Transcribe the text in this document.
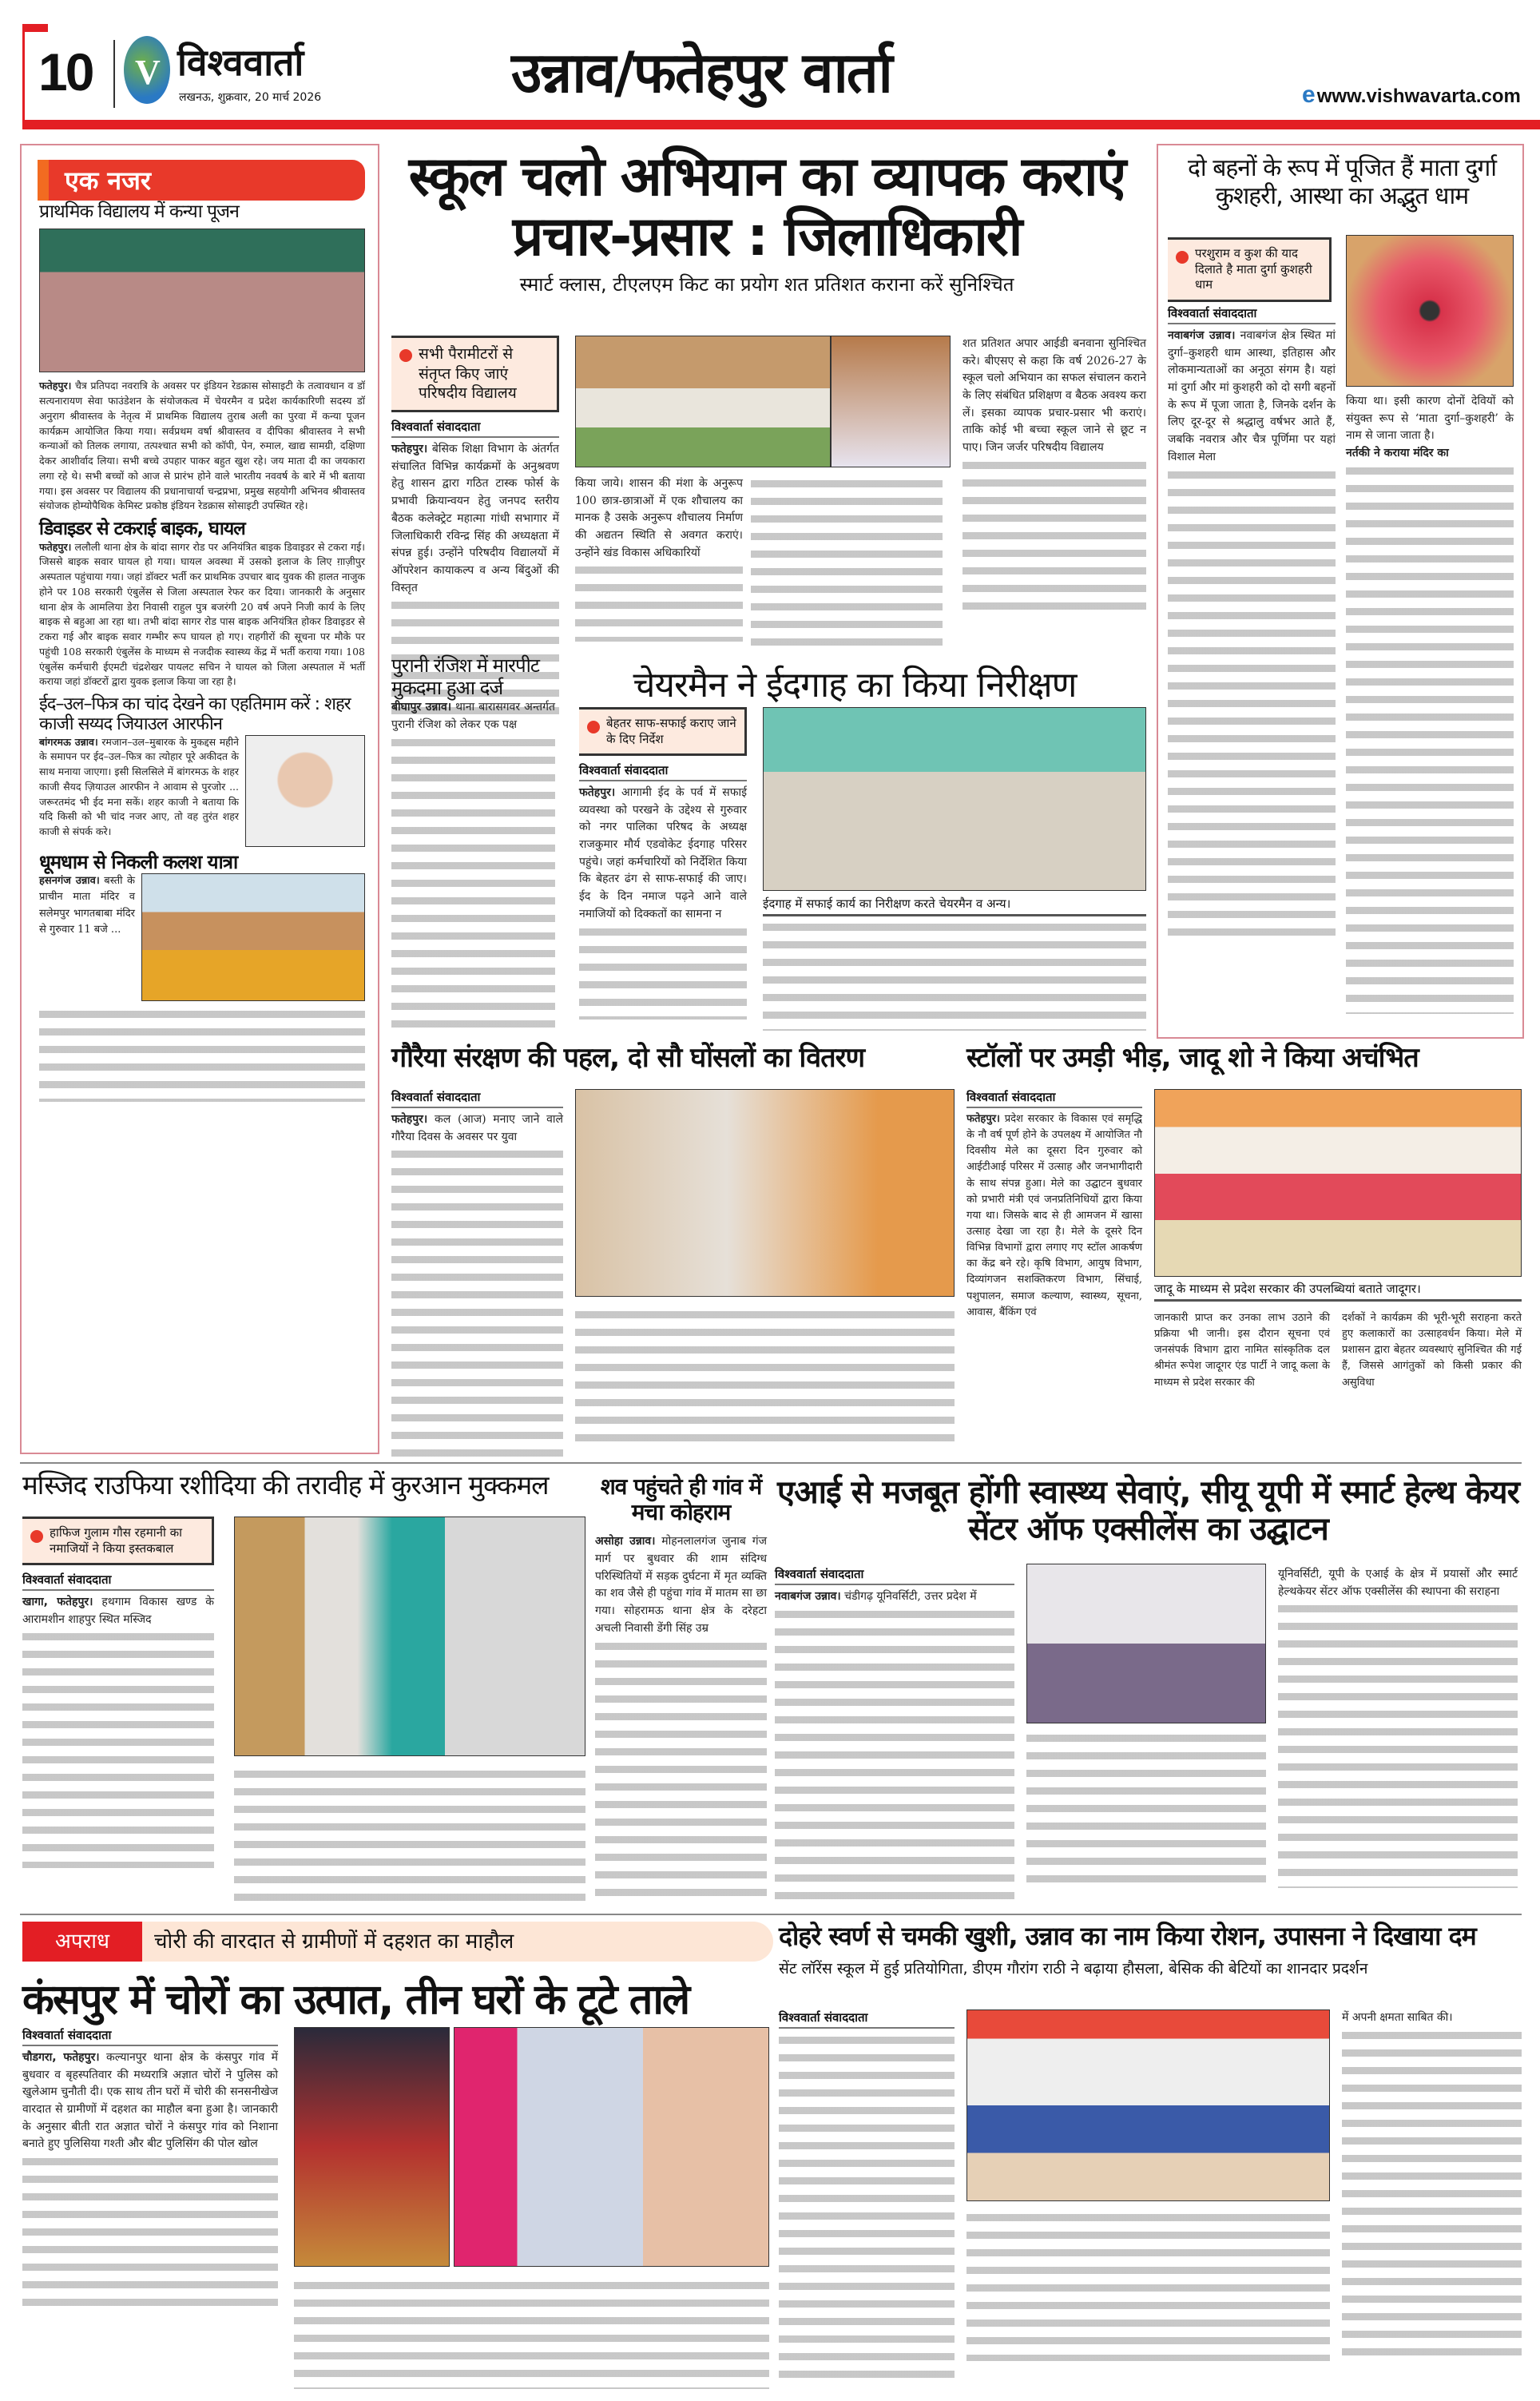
10 V विश्ववार्ता
लखनऊ, शुक्रवार, 20 मार्च 2026	उन्नाव/फतेहपुर वार्ता	ewww.vishwavarta.com
एक नजर
प्राथमिक विद्यालय में कन्या पूजन

फतेहपुर। चैत्र प्रतिपदा नवरात्रि के अवसर पर इंडियन रेडक्रास सोसाइटी के तत्वावधान व डॉ सत्यनारायण सेवा फाउंडेशन के संयोजकत्व में चेयरमैन व प्रदेश कार्यकारिणी सदस्य डॉ अनुराग श्रीवास्तव के नेतृत्व में प्राथमिक विद्यालय तुराब अली का पुरवा में कन्या पूजन कार्यक्रम आयोजित किया गया। सर्वप्रथम वर्षा श्रीवास्तव व दीपिका श्रीवास्तव ने सभी कन्याओं को तिलक लगाया, तत्पश्चात सभी को कॉपी, पेन, रुमाल, खाद्य सामग्री, दक्षिणा देकर आशीर्वाद लिया। सभी बच्चे उपहार पाकर बहुत खुश रहे। जय माता दी का जयकारा लगा रहे थे। सभी बच्चों को आज से प्रारंभ होने वाले भारतीय नववर्ष के बारे में भी बताया गया। इस अवसर पर विद्यालय की प्रधानाचार्या चन्द्रप्रभा, प्रमुख सहयोगी अभिनव श्रीवास्तव संयोजक होम्योपैथिक केमिस्ट प्रकोष्ठ इंडियन रेडक्रास सोसाइटी उपस्थित रहे।

डिवाइडर से टकराई बाइक, घायल

फतेहपुर। ललौली थाना क्षेत्र के बांदा सागर रोड पर अनियंत्रित बाइक डिवाइडर से टकरा गई। जिससे बाइक सवार घायल हो गया। घायल अवस्था में उसको इलाज के लिए ग़ाज़ीपुर अस्पताल पहुंचाया गया। जहां डॉक्टर भर्ती कर प्राथमिक उपचार बाद युवक की हालत नाजुक होने पर 108 सरकारी एंबुलेंस से जिला अस्पताल रेफर कर दिया। जानकारी के अनुसार थाना क्षेत्र के आमलिया डेरा निवासी राहुल पुत्र बजरंगी 20 वर्ष अपने निजी कार्य के लिए बाइक से बहुआ आ रहा था। तभी बांदा सागर रोड पास बाइक अनियंत्रित होकर डिवाइडर से टकरा गई और बाइक सवार गम्भीर रूप घायल हो गए। राहगीरों की सूचना पर मौके पर पहुंची 108 सरकारी एंबुलेंस के माध्यम से नजदीक स्वास्थ्य केंद्र में भर्ती कराया गया। 108 एंबुलेंस कर्मचारी ईएमटी चंद्रशेखर पायलट सचिन ने घायल को जिला अस्पताल में भर्ती कराया जहां डॉक्टरों द्वारा युवक इलाज किया जा रहा है।

ईद–उल–फित्र का चांद देखने का एहतिमाम करें : शहर काजी सय्यद जियाउल आरफीन

बांगरमऊ उन्नाव। रमजान–उल–मुबारक के मुकद्दस महीने के समापन पर ईद–उल–फित्र का त्योहार पूरे अकीदत के साथ मनाया जाएगा। इसी सिलसिले में बांगरमऊ के शहर काजी सैयद ज़ियाउल आरफीन ने आवाम से पुरजोर ... जरूरतमंद भी ईद मना सकें। शहर काजी ने बताया कि यदि किसी को भी चांद नजर आए, तो वह तुरंत शहर काजी से संपर्क करे।

धूमधाम से निकली कलश यात्रा

हसनगंज उन्नाव। बस्ती के प्राचीन माता मंदिर व सलेमपुर भागतबाबा मंदिर से गुरुवार 11 बजे ...

स्कूल चलो अभियान का व्यापक कराएं प्रचार-प्रसार : जिलाधिकारी
स्मार्ट क्लास, टीएलएम किट का प्रयोग शत प्रतिशत कराना करें सुनिश्चित
सभी पैरामीटरों से संतृप्त किए जाएं परिषदीय विद्यालय
विश्ववार्ता संवाददाता

फतेहपुर। बेसिक शिक्षा विभाग के अंतर्गत संचालित विभिन्न कार्यक्रमों के अनुश्रवण हेतु शासन द्वारा गठित टास्क फोर्स के प्रभावी क्रियान्वयन हेतु जनपद स्तरीय बैठक कलेक्ट्रेट महात्मा गांधी सभागार में जिलाधिकारी रविन्द्र सिंह की अध्यक्षता में संपन्न हुई। उन्होंने परिषदीय विद्यालयों में ऑपरेशन कायाकल्प व अन्य बिंदुओं की विस्तृत

किया जाये। शासन की मंशा के अनुरूप 100 छात्र-छात्राओं में एक शौचालय का मानक है उसके अनुरूप शौचालय निर्माण की अद्यतन स्थिति से अवगत कराएं। उन्होंने खंड विकास अधिकारियों

शत प्रतिशत अपार आईडी बनवाना सुनिश्चित करे। बीएसए से कहा कि वर्ष 2026-27 के स्कूल चलो अभियान का सफल संचालन कराने के लिए संबंधित प्रशिक्षण व बैठक अवश्य करा लें। इसका व्यापक प्रचार-प्रसार भी कराएं। ताकि कोई भी बच्चा स्कूल जाने से छूट न पाए। जिन जर्जर परिषदीय विद्यालय

दो बहनों के रूप में पूजित हैं माता दुर्गा कुशहरी, आस्था का अद्भुत धाम
परशुराम व कुश की याद दिलाते है माता दुर्गा कुशहरी धाम
विश्ववार्ता संवाददाता

नवाबगंज उन्नाव। नवाबगंज क्षेत्र स्थित मां दुर्गा–कुशहरी धाम आस्था, इतिहास और लोकमान्यताओं का अनूठा संगम है। यहां मां दुर्गा और मां कुशहरी को दो सगी बहनों के रूप में पूजा जाता है, जिनके दर्शन के लिए दूर-दूर से श्रद्धालु वर्षभर आते हैं, जबकि नवरात्र और चैत्र पूर्णिमा पर यहां विशाल मेला

किया था। इसी कारण दोनों देवियों को संयुक्त रूप से ‘माता दुर्गा–कुशहरी’ के नाम से जाना जाता है।

नर्तकी ने कराया मंदिर का

पुरानी रंजिश में मारपीट मुकदमा हुआ दर्ज

बीघापुर उन्नाव। थाना बारासगवर अन्तर्गत पुरानी रंजिश को लेकर एक पक्ष

चेयरमैन ने ईदगाह का किया निरीक्षण
बेहतर साफ-सफाई कराए जाने के दिए निर्देश
विश्ववार्ता संवाददाता

फतेहपुर। आगामी ईद के पर्व में सफाई व्यवस्था को परखने के उद्देश्य से गुरुवार को नगर पालिका परिषद के अध्यक्ष राजकुमार मौर्य एडवोकेट ईदगाह परिसर पहुंचे। जहां कर्मचारियों को निर्देशित किया कि बेहतर ढंग से साफ-सफाई की जाए। ईद के दिन नमाज पढ़ने आने वाले नमाजियों को दिक्कतों का सामना न

ईदगाह में सफाई कार्य का निरीक्षण करते चेयरमैन व अन्य।
गौरैया संरक्षण की पहल, दो सौ घोंसलों का वितरण
विश्ववार्ता संवाददाता

फतेहपुर। कल (आज) मनाए जाने वाले गौरैया दिवस के अवसर पर युवा

स्टॉलों पर उमड़ी भीड़, जादू शो ने किया अचंभित
विश्ववार्ता संवाददाता

फतेहपुर। प्रदेश सरकार के विकास एवं समृद्धि के नौ वर्ष पूर्ण होने के उपलक्ष्य में आयोजित नौ दिवसीय मेले का दूसरा दिन गुरुवार को आईटीआई परिसर में उत्साह और जनभागीदारी के साथ संपन्न हुआ। मेले का उद्घाटन बुधवार को प्रभारी मंत्री एवं जनप्रतिनिधियों द्वारा किया गया था। जिसके बाद से ही आमजन में खासा उत्साह देखा जा रहा है। मेले के दूसरे दिन विभिन्न विभागों द्वारा लगाए गए स्टॉल आकर्षण का केंद्र बने रहे। कृषि विभाग, आयुष विभाग, दिव्यांगजन सशक्तिकरण विभाग, सिंचाई, पशुपालन, समाज कल्याण, स्वास्थ्य, सूचना, आवास, बैंकिंग एवं

जादू के माध्यम से प्रदेश सरकार की उपलब्धियां बताते जादूगर।

जानकारी प्राप्त कर उनका लाभ उठाने की प्रक्रिया भी जानी। इस दौरान सूचना एवं जनसंपर्क विभाग द्वारा नामित सांस्कृतिक दल श्रीमंत रूपेश जादूगर एंड पार्टी ने जादू कला के माध्यम से प्रदेश सरकार की

दर्शकों ने कार्यक्रम की भूरी-भूरी सराहना करते हुए कलाकारों का उत्साहवर्धन किया। मेले में प्रशासन द्वारा बेहतर व्यवस्थाएं सुनिश्चित की गई हैं, जिससे आगंतुकों को किसी प्रकार की असुविधा

मस्जिद राउफिया रशीदिया की तरावीह में कुरआन मुक्कमल
हाफिज गुलाम गौस रहमानी का नमाजियों ने किया इस्तकबाल
विश्ववार्ता संवाददाता

खागा, फतेहपुर। हथगाम विकास खण्ड के आरामशीन शाहपुर स्थित मस्जिद

शव पहुंचते ही गांव में मचा कोहराम

असोहा उन्नाव। मोहनलालगंज जुनाब गंज मार्ग पर बुधवार की शाम संदिग्ध परिस्थितियों में सड़क दुर्घटना में मृत व्यक्ति का शव जैसे ही पहुंचा गांव में मातम सा छा गया। सोहरामऊ थाना क्षेत्र के दरेहटा अचली निवासी डेंगी सिंह उम्र

एआई से मजबूत होंगी स्वास्थ्य सेवाएं, सीयू यूपी में स्मार्ट हेल्थ केयर सेंटर ऑफ एक्सीलेंस का उद्घाटन
विश्ववार्ता संवाददाता

नवाबगंज उन्नाव। चंडीगढ़ यूनिवर्सिटी, उत्तर प्रदेश में

यूनिवर्सिटी, यूपी के एआई के क्षेत्र में प्रयासों और स्मार्ट हेल्थकेयर सेंटर ऑफ एक्सीलेंस की स्थापना की सराहना

अपराध	चोरी की वारदात से ग्रामीणों में दहशत का माहौल
कंसपुर में चोरों का उत्पात, तीन घरों के टूटे ताले
विश्ववार्ता संवाददाता

चौडगरा, फतेहपुर। कल्यानपुर थाना क्षेत्र के कंसपुर गांव में बुधवार व बृहस्पतिवार की मध्यरात्रि अज्ञात चोरों ने पुलिस को खुलेआम चुनौती दी। एक साथ तीन घरों में चोरी की सनसनीखेज वारदात से ग्रामीणों में दहशत का माहौल बना हुआ है। जानकारी के अनुसार बीती रात अज्ञात चोरों ने कंसपुर गांव को निशाना बनाते हुए पुलिसिया गश्ती और बीट पुलिसिंग की पोल खोल

दोहरे स्वर्ण से चमकी खुशी, उन्नाव का नाम किया रोशन, उपासना ने दिखाया दम
सेंट लॉरेंस स्कूल में हुई प्रतियोगिता, डीएम गौरांग राठी ने बढ़ाया हौसला, बेसिक की बेटियों का शानदार प्रदर्शन
विश्ववार्ता संवाददाता	में अपनी क्षमता साबित की।
